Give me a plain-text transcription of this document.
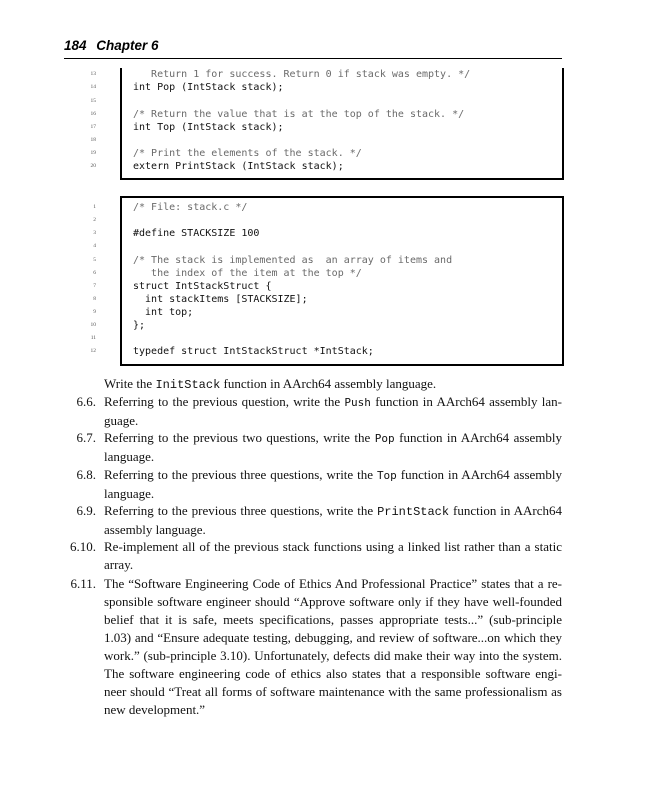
184 Chapter 6
13	Return 1 for success. Return 0 if stack was empty. */
14	int Pop (IntStack stack);
15
16	/* Return the value that is at the top of the stack. */
17	int Top (IntStack stack);
18
19	/* Print the elements of the stack. */
20	extern PrintStack (IntStack stack);
1	/* File: stack.c */
2
3	#define STACKSIZE 100
4
5	/* The stack is implemented as  an array of items and
6	the index of the item at the top */
7	struct IntStackStruct {
8	int stackItems [STACKSIZE];
9	int top;
10	};
11
12	typedef struct IntStackStruct *IntStack;
Write the InitStack function in AArch64 assembly language.
6.6. Referring to the previous question, write the Push function in AArch64 assembly lan-guage.
6.7. Referring to the previous two questions, write the Pop function in AArch64 assembly language.
6.8. Referring to the previous three questions, write the Top function in AArch64 assembly language.
6.9. Referring to the previous three questions, write the PrintStack function in AArch64 assembly language.
6.10. Re-implement all of the previous stack functions using a linked list rather than a static array.
6.11. The “Software Engineering Code of Ethics And Professional Practice” states that a re-sponsible software engineer should “Approve software only if they have well-founded belief that it is safe, meets specifications, passes appropriate tests...” (sub-principle 1.03) and “Ensure adequate testing, debugging, and review of software...on which they work.” (sub-principle 3.10). Unfortunately, defects did make their way into the system. The software engineering code of ethics also states that a responsible software engi-neer should “Treat all forms of software maintenance with the same professionalism as new development.”
